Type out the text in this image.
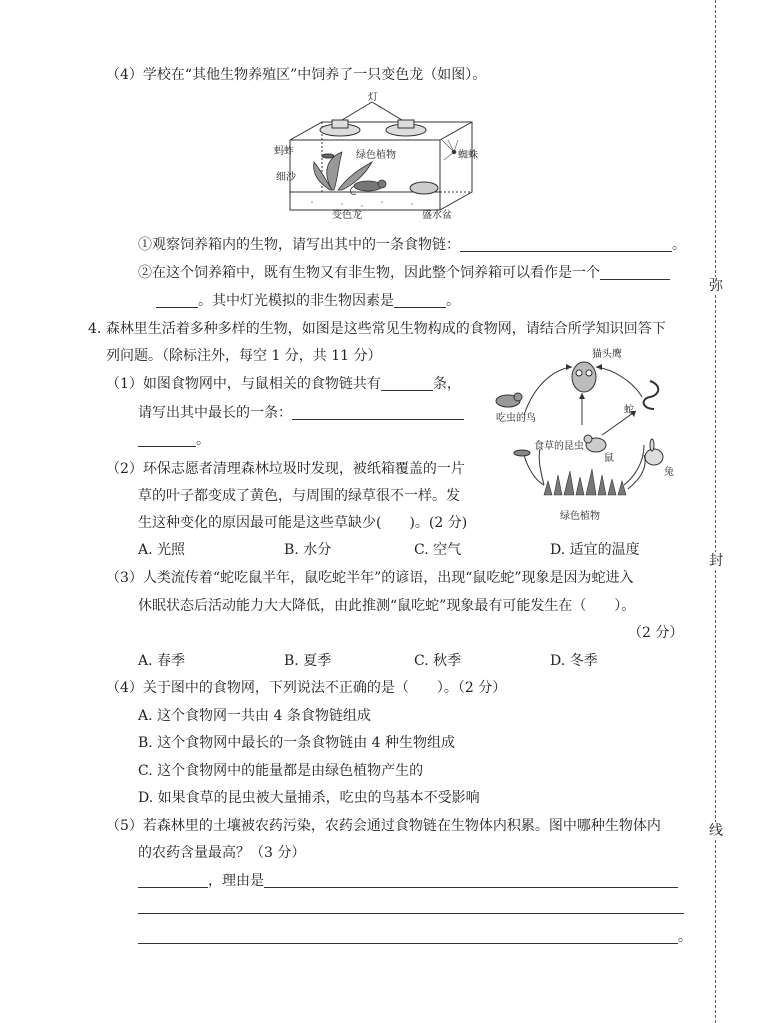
弥
封
线
（4）学校在“其他生物养殖区”中饲养了一只变色龙（如图）。
灯
蚂蚱	绿色植物	蜘蛛
细沙
变色龙	盛水盆
①观察饲养箱内的生物，请写出其中的一条食物链：	。
②在这个饲养箱中，既有生物又有非生物，因此整个饲养箱可以看作是一个
。其中灯光模拟的非生物因素是	。
4. 森林里生活着多种多样的生物，如图是这些常见生物构成的食物网，请结合所学知识回答下
列问题。（除标注外，每空 1 分，共 11 分）	猫头鹰
吃虫的鸟
蛇
食草的昆虫
鼠
兔
绿色植物
（1）如图食物网中，与鼠相关的食物链共有	条，
请写出其中最长的一条：
。
（2）环保志愿者清理森林垃圾时发现，被纸箱覆盖的一片
草的叶子都变成了黄色，与周围的绿草很不一样。发
生这种变化的原因最可能是这些草缺少(　　)。(2 分)
A. 光照	B. 水分	C. 空气	D. 适宜的温度
（3）人类流传着“蛇吃鼠半年，鼠吃蛇半年”的谚语，出现“鼠吃蛇”现象是因为蛇进入
休眠状态后活动能力大大降低，由此推测“鼠吃蛇”现象最有可能发生在（　　）。
（2 分）
A. 春季	B. 夏季	C. 秋季	D. 冬季
（4）关于图中的食物网，下列说法不正确的是（　　）。（2 分）
A. 这个食物网一共由 4 条食物链组成
B. 这个食物网中最长的一条食物链由 4 种生物组成
C. 这个食物网中的能量都是由绿色植物产生的
D. 如果食草的昆虫被大量捕杀，吃虫的鸟基本不受影响
（5）若森林里的土壤被农药污染，农药会通过食物链在生物体内积累。图中哪种生物体内
的农药含量最高？（3 分）
，理由是
。
